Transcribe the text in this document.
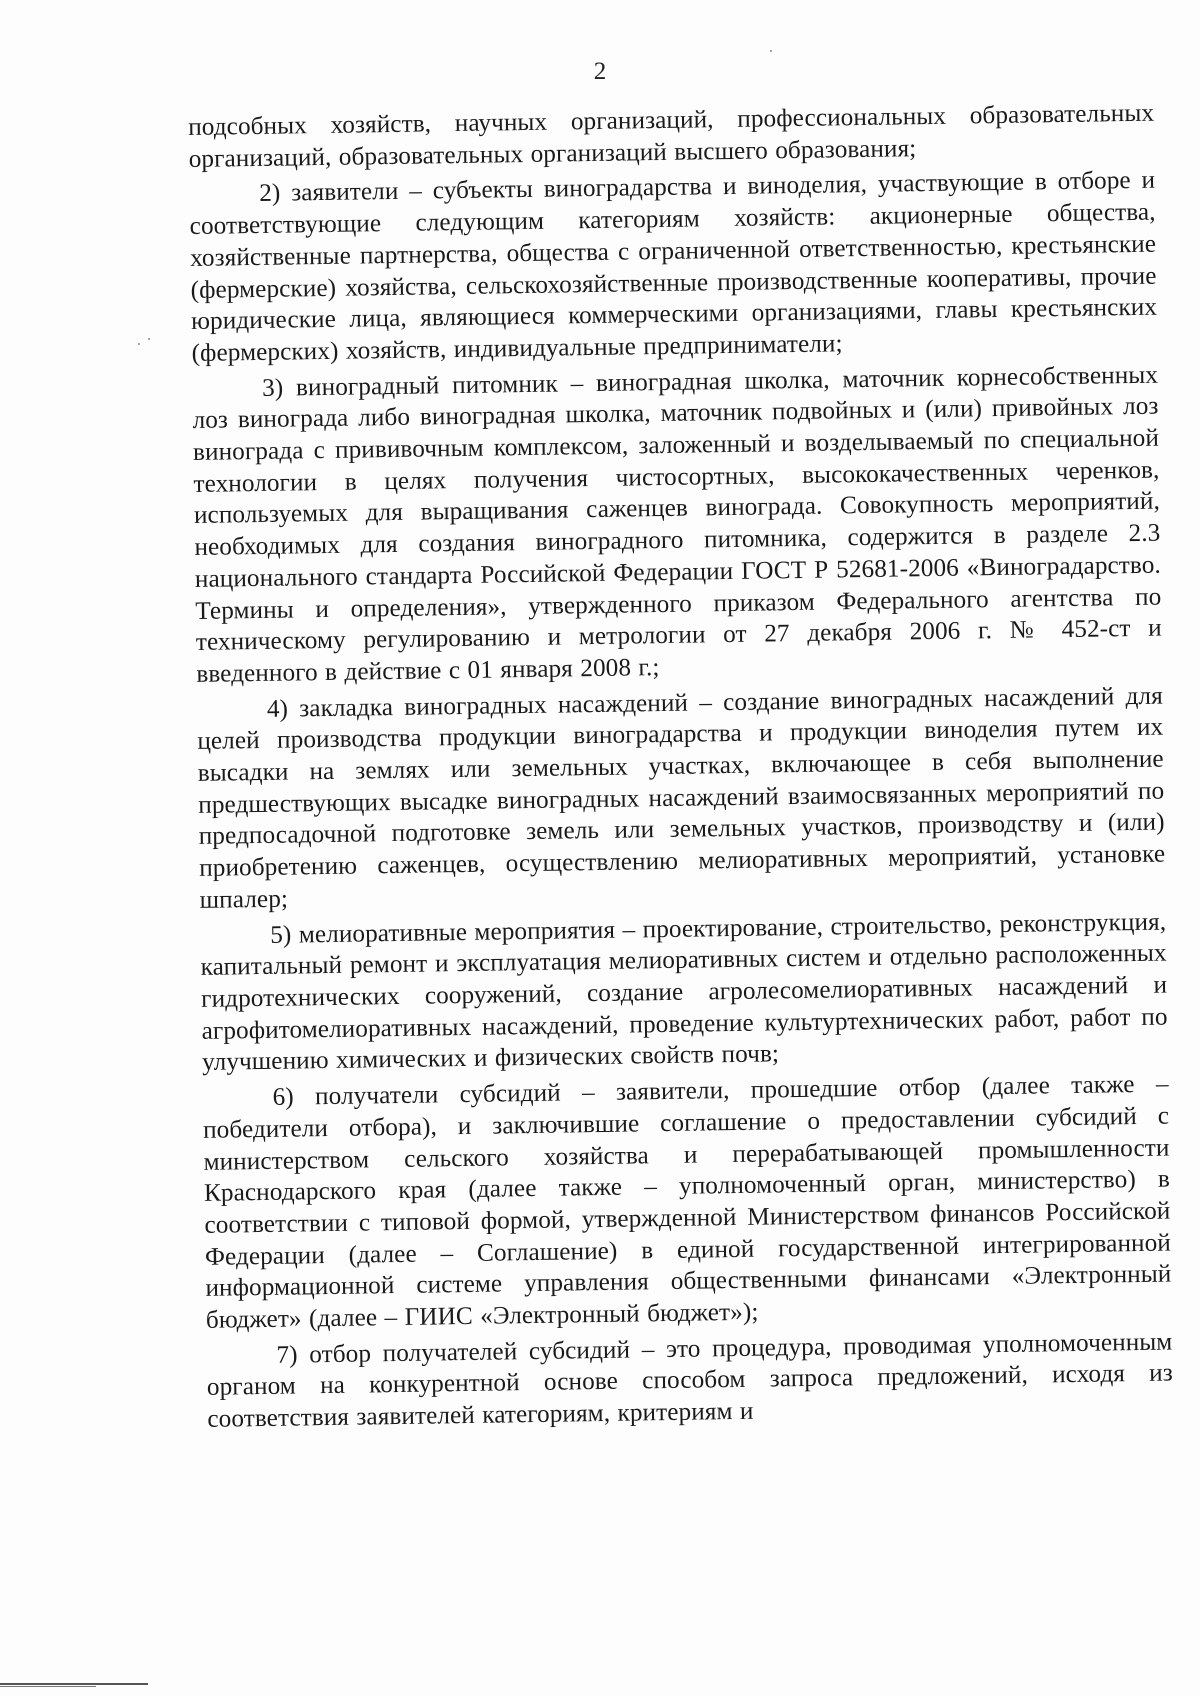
2

подсобных хозяйств, научных организаций, профессиональных образовательных организаций, образовательных организаций высшего образования;

2) заявители – субъекты виноградарства и виноделия, участвующие в отборе и соответствующие следующим категориям хозяйств: акционерные общества, хозяйственные партнерства, общества с ограниченной ответственностью, крестьянские (фермерские) хозяйства, сельскохозяйственные производственные кооперативы, прочие юридические лица, являющиеся коммерческими организациями, главы крестьянских (фермерских) хозяйств, индивидуальные предприниматели;

3) виноградный питомник – виноградная школка, маточник корнесобственных лоз винограда либо виноградная школка, маточник подвойных и (или) привойных лоз винограда с прививочным комплексом, заложенный и возделываемый по специальной технологии в целях получения чистосортных, высококачественных черенков, используемых для выращивания саженцев винограда. Совокупность мероприятий, необходимых для создания виноградного питомника, содержится в разделе 2.3 национального стандарта Российской Федерации ГОСТ Р 52681-2006 «Виноградарство. Термины и определения», утвержденного приказом Федерального агентства по техническому регулированию и метрологии от 27 декабря 2006 г. № 452-ст и введенного в действие с 01 января 2008 г.;

4) закладка виноградных насаждений – создание виноградных насаждений для целей производства продукции виноградарства и продукции виноделия путем их высадки на землях или земельных участках, включающее в себя выполнение предшествующих высадке виноградных насаждений взаимосвязанных мероприятий по предпосадочной подготовке земель или земельных участков, производству и (или) приобретению саженцев, осуществлению мелиоративных мероприятий, установке шпалер;

5) мелиоративные мероприятия – проектирование, строительство, реконструкция, капитальный ремонт и эксплуатация мелиоративных систем и отдельно расположенных гидротехнических сооружений, создание агролесомелиоративных насаждений и агрофитомелиоративных насаждений, проведение культуртехнических работ, работ по улучшению химических и физических свойств почв;

6) получатели субсидий – заявители, прошедшие отбор (далее также – победители отбора), и заключившие соглашение о предоставлении субсидий с министерством сельского хозяйства и перерабатывающей промышленности Краснодарского края (далее также – уполномоченный орган, министерство) в соответствии с типовой формой, утвержденной Министерством финансов Российской Федерации (далее – Соглашение) в единой государственной интегрированной информационной системе управления общественными финансами «Электронный бюджет» (далее – ГИИС «Электронный бюджет»);

7) отбор получателей субсидий – это процедура, проводимая уполномоченным органом на конкурентной основе способом запроса предложений, исходя из соответствия заявителей категориям, критериям и
